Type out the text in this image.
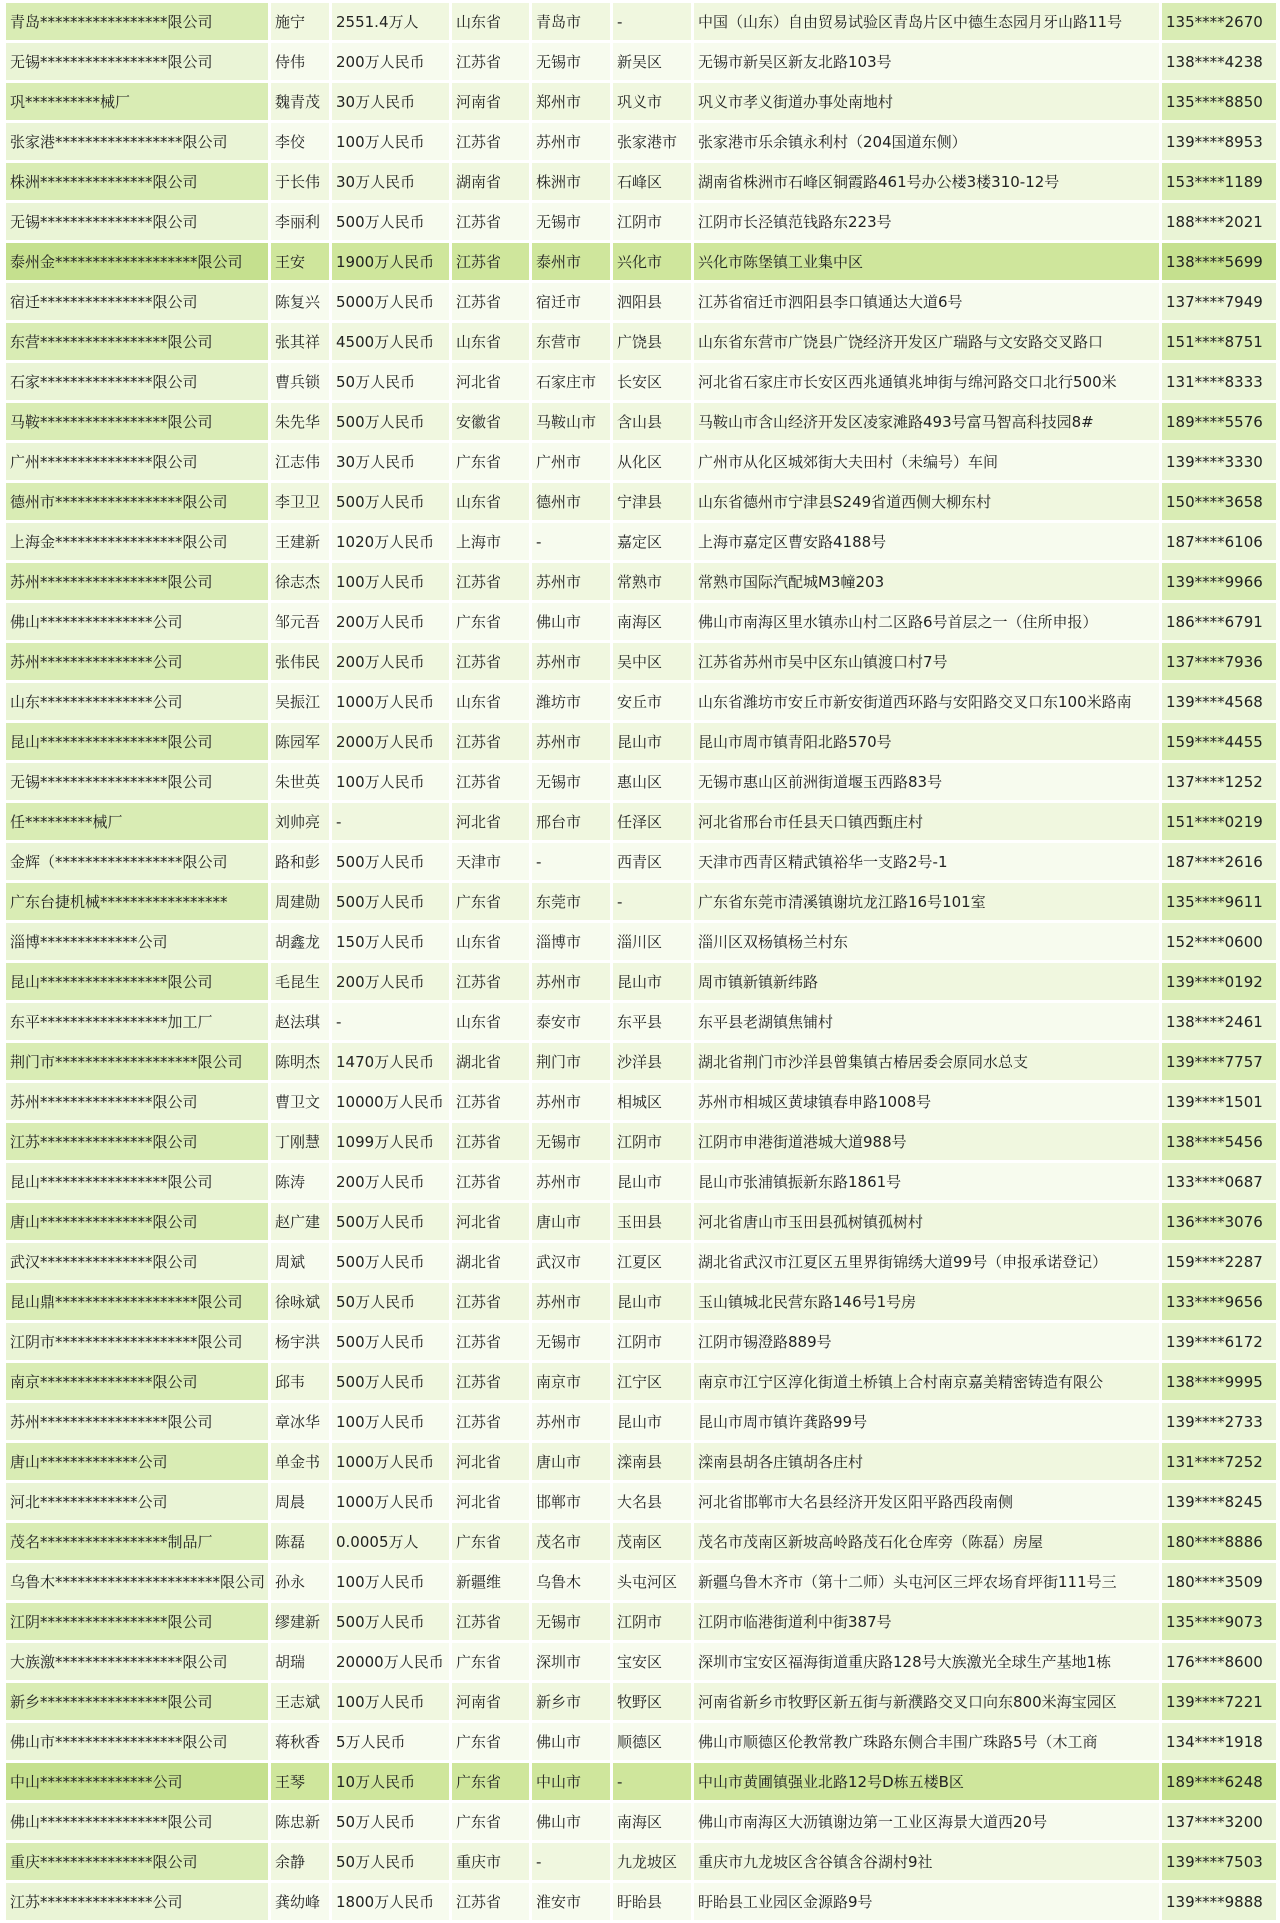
青岛*****************限公司	施宁	2551.4万人	山东省	青岛市	-	中国（山东）自由贸易试验区青岛片区中德生态园月牙山路11号	135****2670
无锡*****************限公司	侍伟	200万人民币	江苏省	无锡市	新吴区	无锡市新吴区新友北路103号	138****4238
巩**********械厂	魏青茂	30万人民币	河南省	郑州市	巩义市	巩义市孝义街道办事处南地村	135****8850
张家港*****************限公司	李佼	100万人民币	江苏省	苏州市	张家港市	张家港市乐余镇永利村（204国道东侧）	139****8953
株洲***************限公司	于长伟	30万人民币	湖南省	株洲市	石峰区	湖南省株洲市石峰区铜霞路461号办公楼3楼310-12号	153****1189
无锡***************限公司	李丽利	500万人民币	江苏省	无锡市	江阴市	江阴市长泾镇范钱路东223号	188****2021
泰州金*******************限公司	王安	1900万人民币	江苏省	泰州市	兴化市	兴化市陈堡镇工业集中区	138****5699
宿迁***************限公司	陈复兴	5000万人民币	江苏省	宿迁市	泗阳县	江苏省宿迁市泗阳县李口镇通达大道6号	137****7949
东营*****************限公司	张其祥	4500万人民币	山东省	东营市	广饶县	山东省东营市广饶县广饶经济开发区广瑞路与文安路交叉路口	151****8751
石家***************限公司	曹兵锁	50万人民币	河北省	石家庄市	长安区	河北省石家庄市长安区西兆通镇兆坤街与绵河路交口北行500米	131****8333
马鞍*****************限公司	朱先华	500万人民币	安徽省	马鞍山市	含山县	马鞍山市含山经济开发区凌家滩路493号富马智高科技园8#	189****5576
广州***************限公司	江志伟	30万人民币	广东省	广州市	从化区	广州市从化区城郊街大夫田村（未编号）车间	139****3330
德州市*****************限公司	李卫卫	500万人民币	山东省	德州市	宁津县	山东省德州市宁津县S249省道西侧大柳东村	150****3658
上海金*****************限公司	王建新	1020万人民币	上海市	-	嘉定区	上海市嘉定区曹安路4188号	187****6106
苏州*****************限公司	徐志杰	100万人民币	江苏省	苏州市	常熟市	常熟市国际汽配城M3幢203	139****9966
佛山***************公司	邹元吾	200万人民币	广东省	佛山市	南海区	佛山市南海区里水镇赤山村二区路6号首层之一（住所申报）	186****6791
苏州***************公司	张伟民	200万人民币	江苏省	苏州市	吴中区	江苏省苏州市吴中区东山镇渡口村7号	137****7936
山东***************公司	吴振江	1000万人民币	山东省	潍坊市	安丘市	山东省潍坊市安丘市新安街道西环路与安阳路交叉口东100米路南	139****4568
昆山*****************限公司	陈园军	2000万人民币	江苏省	苏州市	昆山市	昆山市周市镇青阳北路570号	159****4455
无锡*****************限公司	朱世英	100万人民币	江苏省	无锡市	惠山区	无锡市惠山区前洲街道堰玉西路83号	137****1252
任*********械厂	刘帅亮	-	河北省	邢台市	任泽区	河北省邢台市任县天口镇西甄庄村	151****0219
金辉（*****************限公司	路和彭	500万人民币	天津市	-	西青区	天津市西青区精武镇裕华一支路2号-1	187****2616
广东台捷机械*****************	周建勋	500万人民币	广东省	东莞市	-	广东省东莞市清溪镇谢坑龙江路16号101室	135****9611
淄博*************公司	胡鑫龙	150万人民币	山东省	淄博市	淄川区	淄川区双杨镇杨兰村东	152****0600
昆山*****************限公司	毛昆生	200万人民币	江苏省	苏州市	昆山市	周市镇新镇新纬路	139****0192
东平*****************加工厂	赵法琪	-	山东省	泰安市	东平县	东平县老湖镇焦铺村	138****2461
荆门市*******************限公司	陈明杰	1470万人民币	湖北省	荆门市	沙洋县	湖北省荆门市沙洋县曾集镇古椿居委会原同水总支	139****7757
苏州***************限公司	曹卫文	10000万人民币	江苏省	苏州市	相城区	苏州市相城区黄埭镇春申路1008号	139****1501
江苏***************限公司	丁刚慧	1099万人民币	江苏省	无锡市	江阴市	江阴市申港街道港城大道988号	138****5456
昆山*****************限公司	陈涛	200万人民币	江苏省	苏州市	昆山市	昆山市张浦镇振新东路1861号	133****0687
唐山***************限公司	赵广建	500万人民币	河北省	唐山市	玉田县	河北省唐山市玉田县孤树镇孤树村	136****3076
武汉***************限公司	周斌	500万人民币	湖北省	武汉市	江夏区	湖北省武汉市江夏区五里界街锦绣大道99号（申报承诺登记）	159****2287
昆山鼎*******************限公司	徐咏斌	50万人民币	江苏省	苏州市	昆山市	玉山镇城北民营东路146号1号房	133****9656
江阴市*******************限公司	杨宇洪	500万人民币	江苏省	无锡市	江阴市	江阴市锡澄路889号	139****6172
南京***************限公司	邱韦	500万人民币	江苏省	南京市	江宁区	南京市江宁区淳化街道土桥镇上合村南京嘉美精密铸造有限公	138****9995
苏州*****************限公司	章冰华	100万人民币	江苏省	苏州市	昆山市	昆山市周市镇许龚路99号	139****2733
唐山*************公司	单金书	1000万人民币	河北省	唐山市	滦南县	滦南县胡各庄镇胡各庄村	131****7252
河北*************公司	周晨	1000万人民币	河北省	邯郸市	大名县	河北省邯郸市大名县经济开发区阳平路西段南侧	139****8245
茂名*****************制品厂	陈磊	0.0005万人	广东省	茂名市	茂南区	茂名市茂南区新坡高岭路茂石化仓库旁（陈磊）房屋	180****8886
乌鲁木**********************限公司	孙永	100万人民币	新疆维	乌鲁木	头屯河区	新疆乌鲁木齐市（第十二师）头屯河区三坪农场育坪街111号三	180****3509
江阴*****************限公司	缪建新	500万人民币	江苏省	无锡市	江阴市	江阴市临港街道利中街387号	135****9073
大族激*****************限公司	胡瑞	20000万人民币	广东省	深圳市	宝安区	深圳市宝安区福海街道重庆路128号大族激光全球生产基地1栋	176****8600
新乡*****************限公司	王志斌	100万人民币	河南省	新乡市	牧野区	河南省新乡市牧野区新五街与新濮路交叉口向东800米海宝园区	139****7221
佛山市*****************限公司	蒋秋香	5万人民币	广东省	佛山市	顺德区	佛山市顺德区伦教常教广珠路东侧合丰围广珠路5号（木工商	134****1918
中山***************公司	王琴	10万人民币	广东省	中山市	-	中山市黄圃镇强业北路12号D栋五楼B区	189****6248
佛山*****************限公司	陈忠新	50万人民币	广东省	佛山市	南海区	佛山市南海区大沥镇谢边第一工业区海景大道西20号	137****3200
重庆***************限公司	余静	50万人民币	重庆市	-	九龙坡区	重庆市九龙坡区含谷镇含谷湖村9社	139****7503
江苏***************公司	龚幼峰	1800万人民币	江苏省	淮安市	盱眙县	盱眙县工业园区金源路9号	139****9888
